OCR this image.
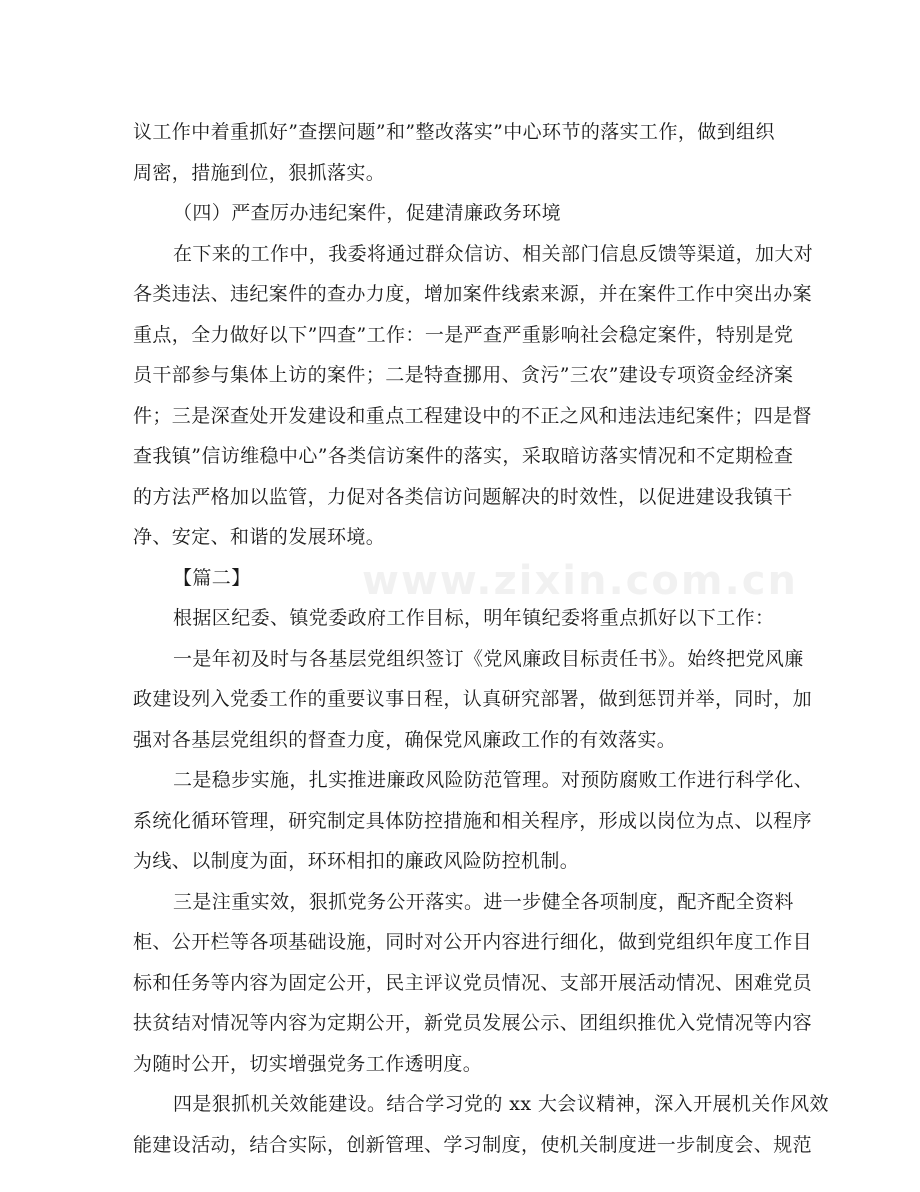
议工作中着重抓好”查摆问题”和”整改落实”中心环节的落实工作，做到组织
周密，措施到位，狠抓落实。
（四）严查厉办违纪案件，促建清廉政务环境
在下来的工作中，我委将通过群众信访、相关部门信息反馈等渠道，加大对
各类违法、违纪案件的查办力度，增加案件线索来源，并在案件工作中突出办案
重点，全力做好以下”四查”工作：一是严查严重影响社会稳定案件，特别是党
员干部参与集体上访的案件；二是特查挪用、贪污”三农”建设专项资金经济案
件；三是深查处开发建设和重点工程建设中的不正之风和违法违纪案件；四是督
查我镇”信访维稳中心”各类信访案件的落实，采取暗访落实情况和不定期检查
的方法严格加以监管，力促对各类信访问题解决的时效性，以促进建设我镇干
净、安定、和谐的发展环境。
【篇二】
根据区纪委、镇党委政府工作目标，明年镇纪委将重点抓好以下工作：
一是年初及时与各基层党组织签订《党风廉政目标责任书》。始终把党风廉
政建设列入党委工作的重要议事日程，认真研究部署，做到惩罚并举，同时，加
强对各基层党组织的督查力度，确保党风廉政工作的有效落实。
二是稳步实施，扎实推进廉政风险防范管理。对预防腐败工作进行科学化、
系统化循环管理，研究制定具体防控措施和相关程序，形成以岗位为点、以程序
为线、以制度为面，环环相扣的廉政风险防控机制。
三是注重实效，狠抓党务公开落实。进一步健全各项制度，配齐配全资料
柜、公开栏等各项基础设施，同时对公开内容进行细化，做到党组织年度工作目
标和任务等内容为固定公开，民主评议党员情况、支部开展活动情况、困难党员
扶贫结对情况等内容为定期公开，新党员发展公示、团组织推优入党情况等内容
为随时公开，切实增强党务工作透明度。
四是狠抓机关效能建设。结合学习党的 xx 大会议精神，深入开展机关作风效
能建设活动，结合实际，创新管理、学习制度，使机关制度进一步制度会、规范
www.zixin.com.cn
